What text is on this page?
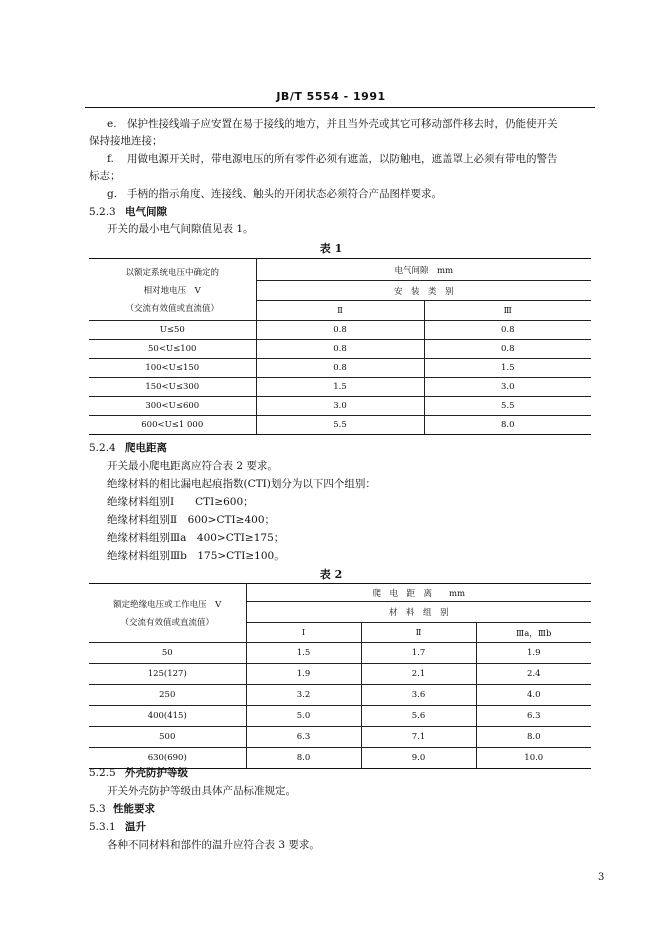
JB/T 5554 - 1991
e. 保护性接线端子应安置在易于接线的地方，并且当外壳或其它可移动部件移去时，仍能使开关
保持接地连接；
f. 用做电源开关时，带电源电压的所有零件必须有遮盖，以防触电，遮盖罩上必须有带电的警告
标志；
g. 手柄的指示角度、连接线、触头的开闭状态必须符合产品图样要求。
5.2.3 电气间隙
开关的最小电气间隙值见表 1。
表 1
以额定系统电压中确定的
相对地电压　V
（交流有效值或直流值）	电气间隙　mm	
	安　装　类　别	
	Ⅱ	Ⅲ
U≤50	0.8	0.8
50<U≤100	0.8	0.8
100<U≤150	0.8	1.5
150<U≤300	1.5	3.0
300<U≤600	3.0	5.5
600<U≤1 000	5.5	8.0
5.2.4 爬电距离
开关最小爬电距离应符合表 2 要求。
绝缘材料的相比漏电起痕指数(CTI)划分为以下四个组别：
绝缘材料组别Ⅰ　　CTI≥600；
绝缘材料组别Ⅱ　600>CTI≥400；
绝缘材料组别Ⅲa　400>CTI≥175；
绝缘材料组别Ⅲb　175>CTI≥100。
表 2
额定绝缘电压或工作电压　V
（交流有效值或直流值）	爬　电　距　离　　mm		
	材　料　组　别		
	Ⅰ	Ⅱ	Ⅲa，Ⅲb
50	1.5	1.7	1.9
125(127)	1.9	2.1	2.4
250	3.2	3.6	4.0
400(415)	5.0	5.6	6.3
500	6.3	7.1	8.0
630(690)	8.0	9.0	10.0
5.2.5 外壳防护等级
开关外壳防护等级由具体产品标准规定。
5.3 性能要求
5.3.1 温升
各种不同材料和部件的温升应符合表 3 要求。
3
